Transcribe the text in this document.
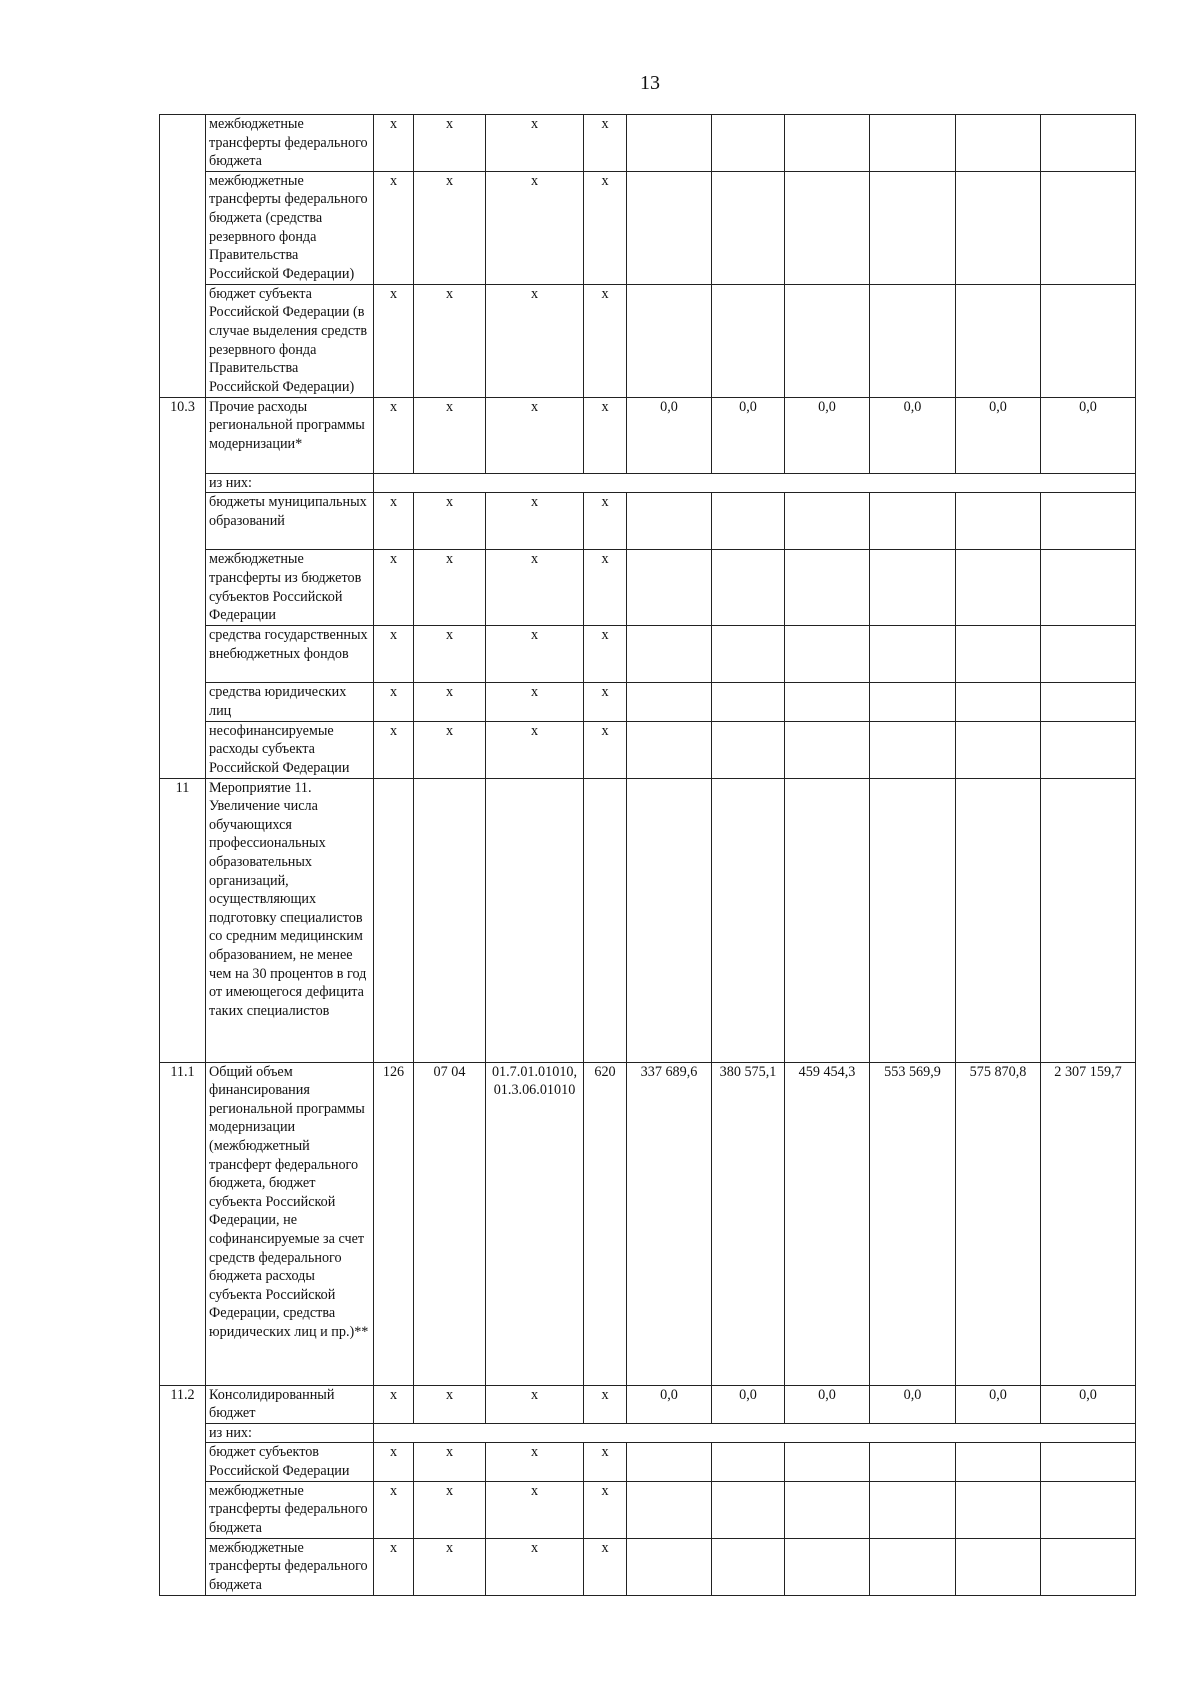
13
	межбюджетные трансферты федерального бюджета	х	х	х	х						
	межбюджетные трансферты федерального бюджета (средства резервного фонда Правительства Российской Федерации)	х	х	х	х						
	бюджет субъекта Российской Федерации (в случае выделения средств резервного фонда Правительства Российской Федерации)	х	х	х	х						
10.3	Прочие расходы региональной программы модернизации*	х	х	х	х	0,0	0,0	0,0	0,0	0,0	0,0
	из них:										
	бюджеты муниципальных образований	х	х	х	х						
	межбюджетные трансферты из бюджетов субъектов Российской Федерации	х	х	х	х						
	средства государственных внебюджетных фондов	х	х	х	х						
	средства юридических лиц	х	х	х	х						
	несофинансируемые расходы субъекта Российской Федерации	х	х	х	х						
11	Мероприятие 11. Увеличение числа обучающихся профессиональных образовательных организаций, осуществляющих подготовку специалистов со средним медицинским образованием, не менее чем на 30 процентов в год от имеющегося дефицита таких специалистов										
11.1	Общий объем финансирования региональной программы модернизации (межбюджетный трансферт федерального бюджета, бюджет субъекта Российской Федерации, не софинансируемые за счет средств федерального бюджета расходы субъекта Российской Федерации, средства юридических лиц и пр.)**	126	07 04	01.7.01.01010, 01.3.06.01010	620	337 689,6	380 575,1	459 454,3	553 569,9	575 870,8	2 307 159,7
11.2	Консолидированный бюджет	х	х	х	х	0,0	0,0	0,0	0,0	0,0	0,0
	из них:										
	бюджет субъектов Российской Федерации	х	х	х	х						
	межбюджетные трансферты федерального бюджета	х	х	х	х						
	межбюджетные трансферты федерального бюджета	х	х	х	х						
